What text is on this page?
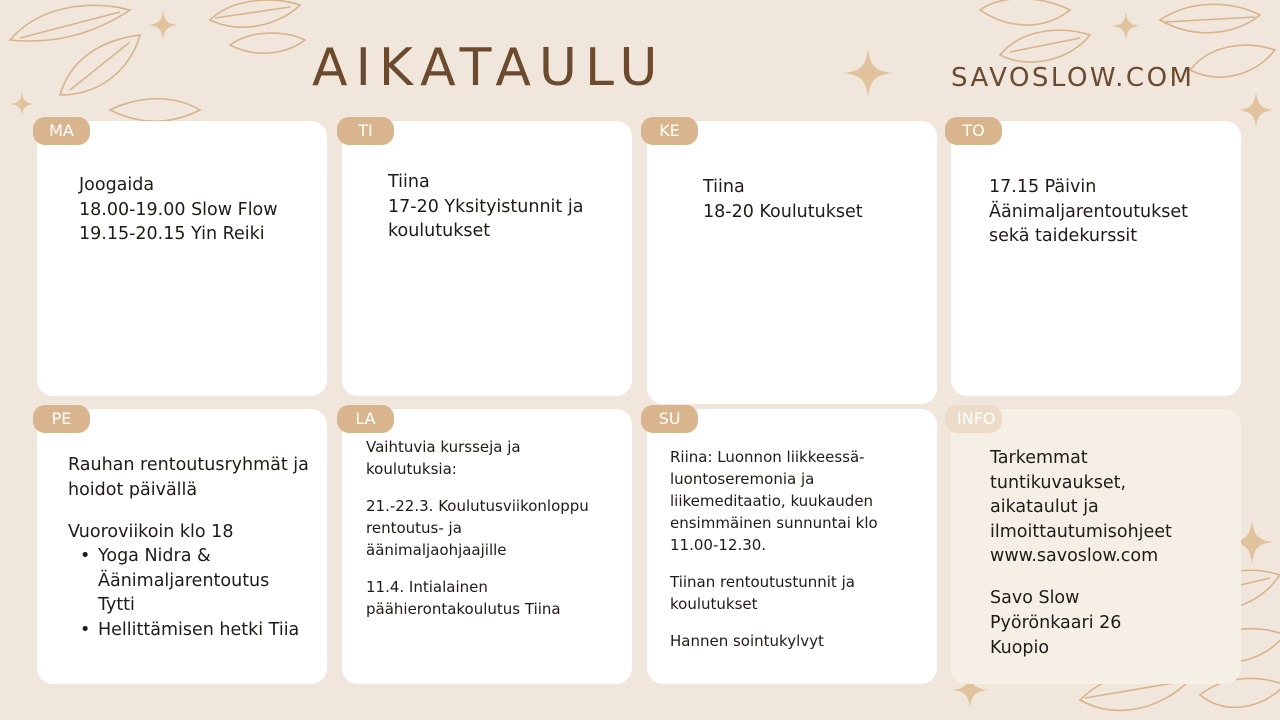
AIKATAULU	SAVOSLOW.COM
MA	TI	KE	TO
PE	LA	SU	INFO
Joogaida
18.00-19.00 Slow Flow
19.15-20.15 Yin Reiki
Tiina
17-20 Yksityistunnit ja
koulutukset
Tiina
18-20 Koulutukset
17.15 Päivin
Äänimaljarentoutukset
sekä taidekurssit
Rauhan rentoutusryhmät ja
hoidot päivällä
Vuoroviikoin klo 18
• Yoga Nidra &
Äänimaljarentoutus
Tytti
• Hellittämisen hetki Tiia
Vaihtuvia kursseja ja
koulutuksia:
21.-22.3. Koulutusviikonloppu
rentoutus- ja
äänimaljaohjaajille
11.4. Intialainen
päähierontakoulutus Tiina
Riina: Luonnon liikkeessä-
luontoseremonia ja
liikemeditaatio, kuukauden
ensimmäinen sunnuntai klo
11.00-12.30.
Tiinan rentoutustunnit ja
koulutukset
Hannen sointukylvyt
Tarkemmat
tuntikuvaukset,
aikataulut ja
ilmoittautumisohjeet
www.savoslow.com
Savo Slow
Pyörönkaari 26
Kuopio
